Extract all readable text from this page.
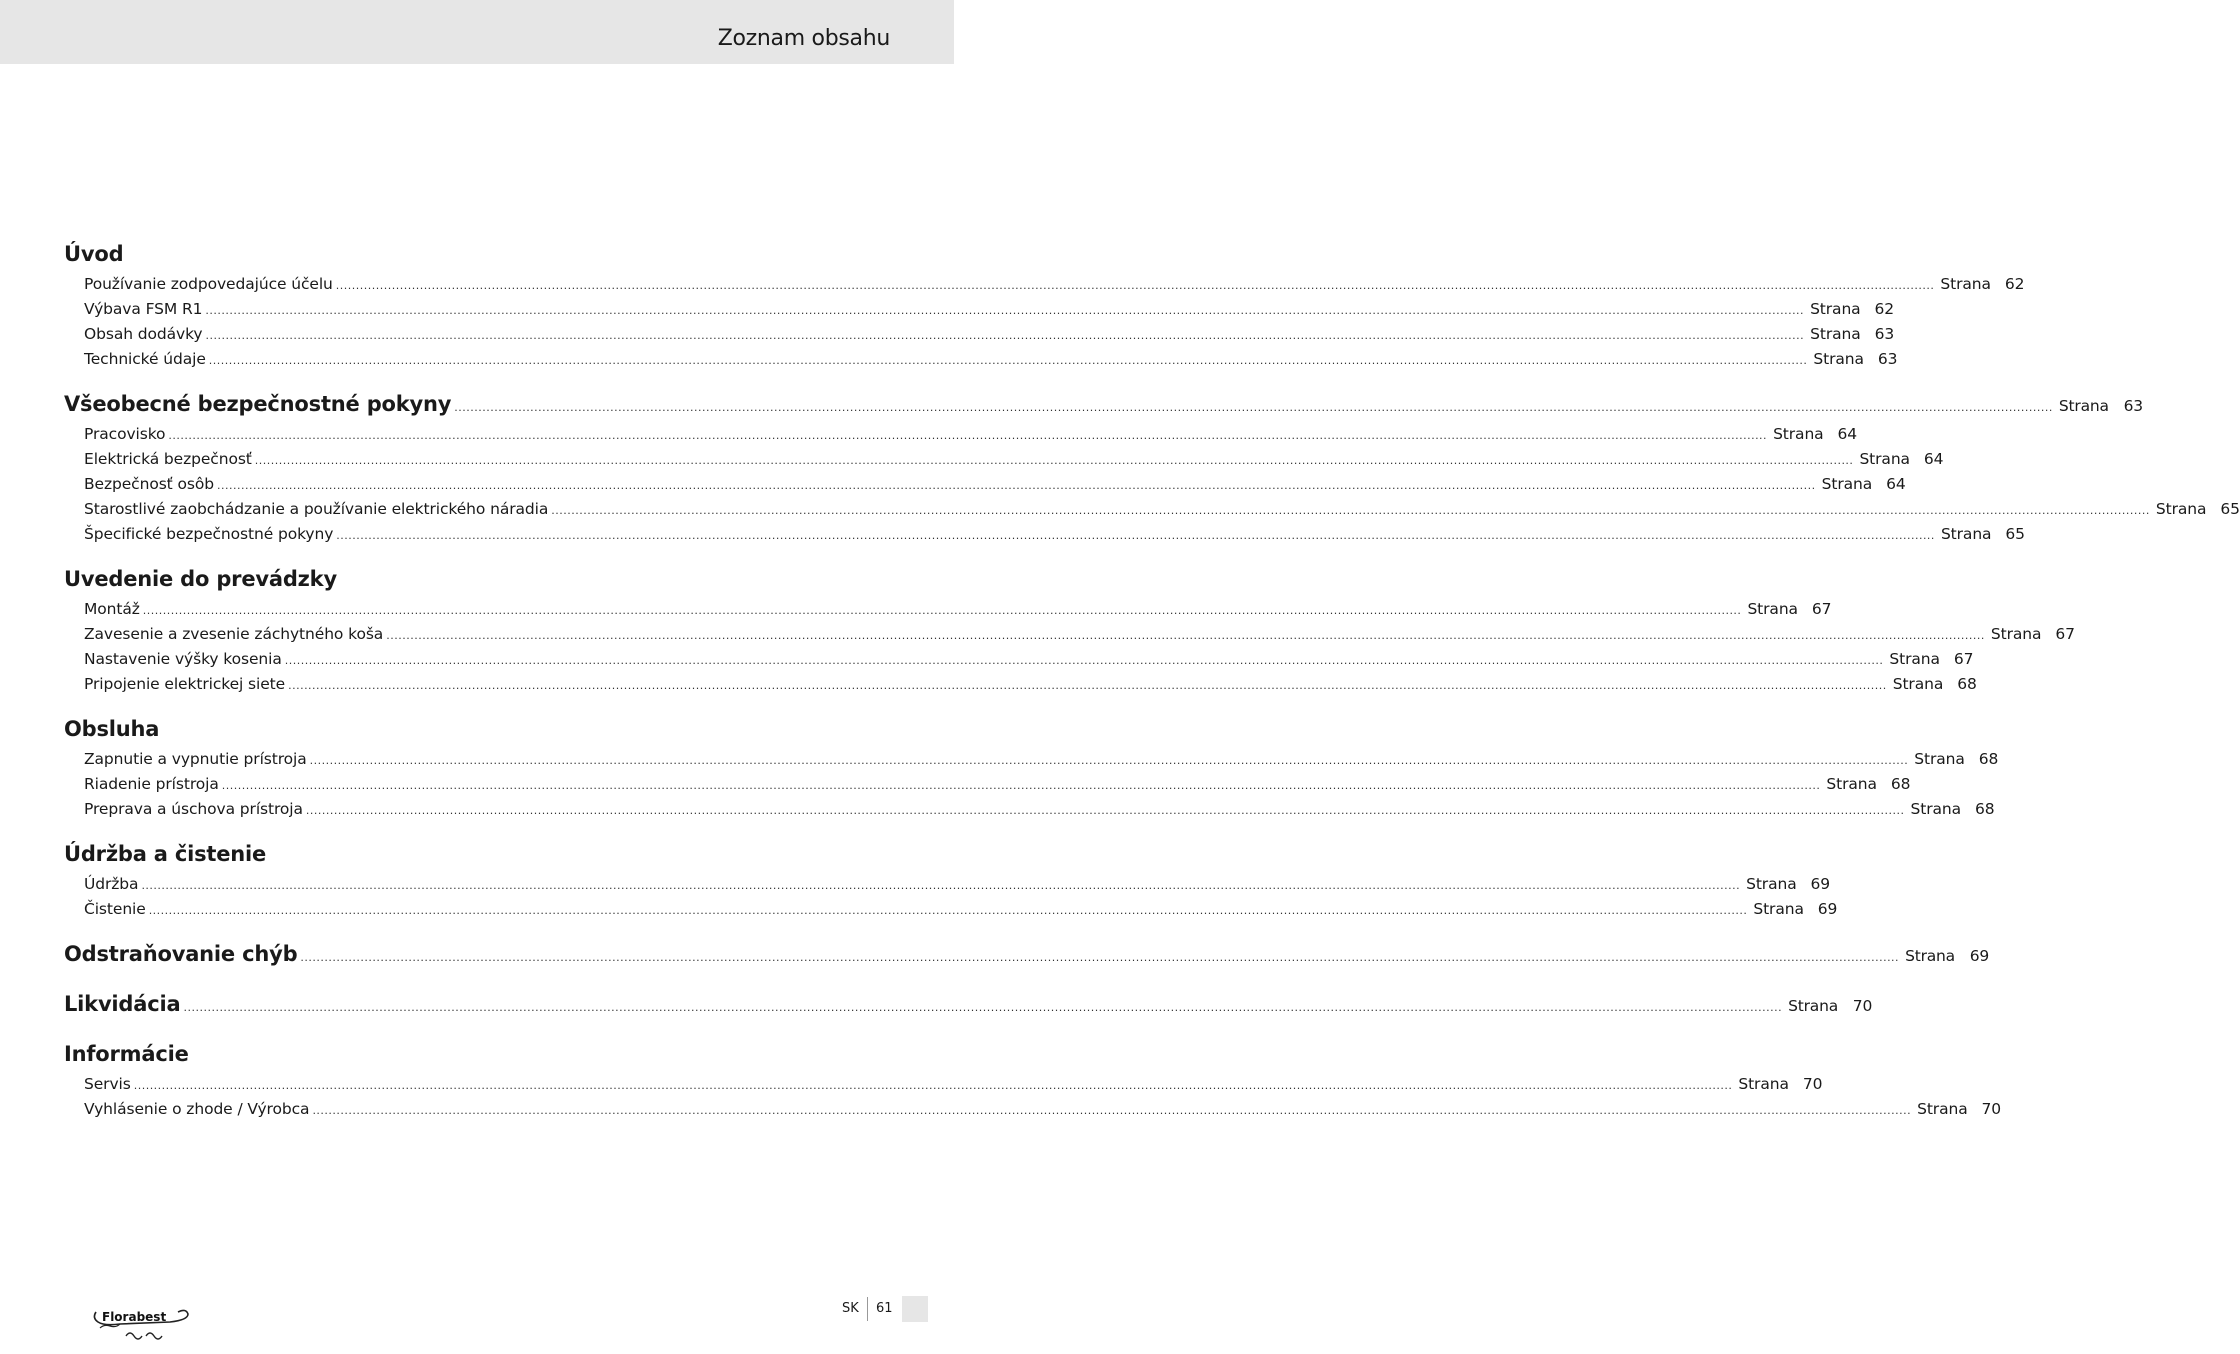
Zoznam obsahu
Úvod
Používanie zodpovedajúce účelu ................................................................................................................................................................................................................................................................................................................................................................................................................ Strana 62
Výbava FSM R1 ................................................................................................................................................................................................................................................................................................................................................................................................................ Strana 62
Obsah dodávky ................................................................................................................................................................................................................................................................................................................................................................................................................ Strana 63
Technické údaje ................................................................................................................................................................................................................................................................................................................................................................................................................ Strana 63
Všeobecné bezpečnostné pokyny ................................................................................................................................................................................................................................................................................................................................................................................................................ Strana 63
Pracovisko ................................................................................................................................................................................................................................................................................................................................................................................................................ Strana 64
Elektrická bezpečnosť ................................................................................................................................................................................................................................................................................................................................................................................................................ Strana 64
Bezpečnosť osôb ................................................................................................................................................................................................................................................................................................................................................................................................................ Strana 64
Starostlivé zaobchádzanie a používanie elektrického náradia ................................................................................................................................................................................................................................................................................................................................................................................................................ Strana 65
Špecifické bezpečnostné pokyny ................................................................................................................................................................................................................................................................................................................................................................................................................ Strana 65
Uvedenie do prevádzky
Montáž ................................................................................................................................................................................................................................................................................................................................................................................................................ Strana 67
Zavesenie a zvesenie záchytného koša ................................................................................................................................................................................................................................................................................................................................................................................................................ Strana 67
Nastavenie výšky kosenia ................................................................................................................................................................................................................................................................................................................................................................................................................ Strana 67
Pripojenie elektrickej siete ................................................................................................................................................................................................................................................................................................................................................................................................................ Strana 68
Obsluha
Zapnutie a vypnutie prístroja ................................................................................................................................................................................................................................................................................................................................................................................................................ Strana 68
Riadenie prístroja ................................................................................................................................................................................................................................................................................................................................................................................................................ Strana 68
Preprava a úschova prístroja ................................................................................................................................................................................................................................................................................................................................................................................................................ Strana 68
Údržba a čistenie
Údržba ................................................................................................................................................................................................................................................................................................................................................................................................................ Strana 69
Čistenie ................................................................................................................................................................................................................................................................................................................................................................................................................ Strana 69
Odstraňovanie chýb ................................................................................................................................................................................................................................................................................................................................................................................................................ Strana 69
Likvidácia ................................................................................................................................................................................................................................................................................................................................................................................................................ Strana 70
Informácie
Servis ................................................................................................................................................................................................................................................................................................................................................................................................................ Strana 70
Vyhlásenie o zhode / Výrobca ................................................................................................................................................................................................................................................................................................................................................................................................................ Strana 70
Florabest
SK 61
